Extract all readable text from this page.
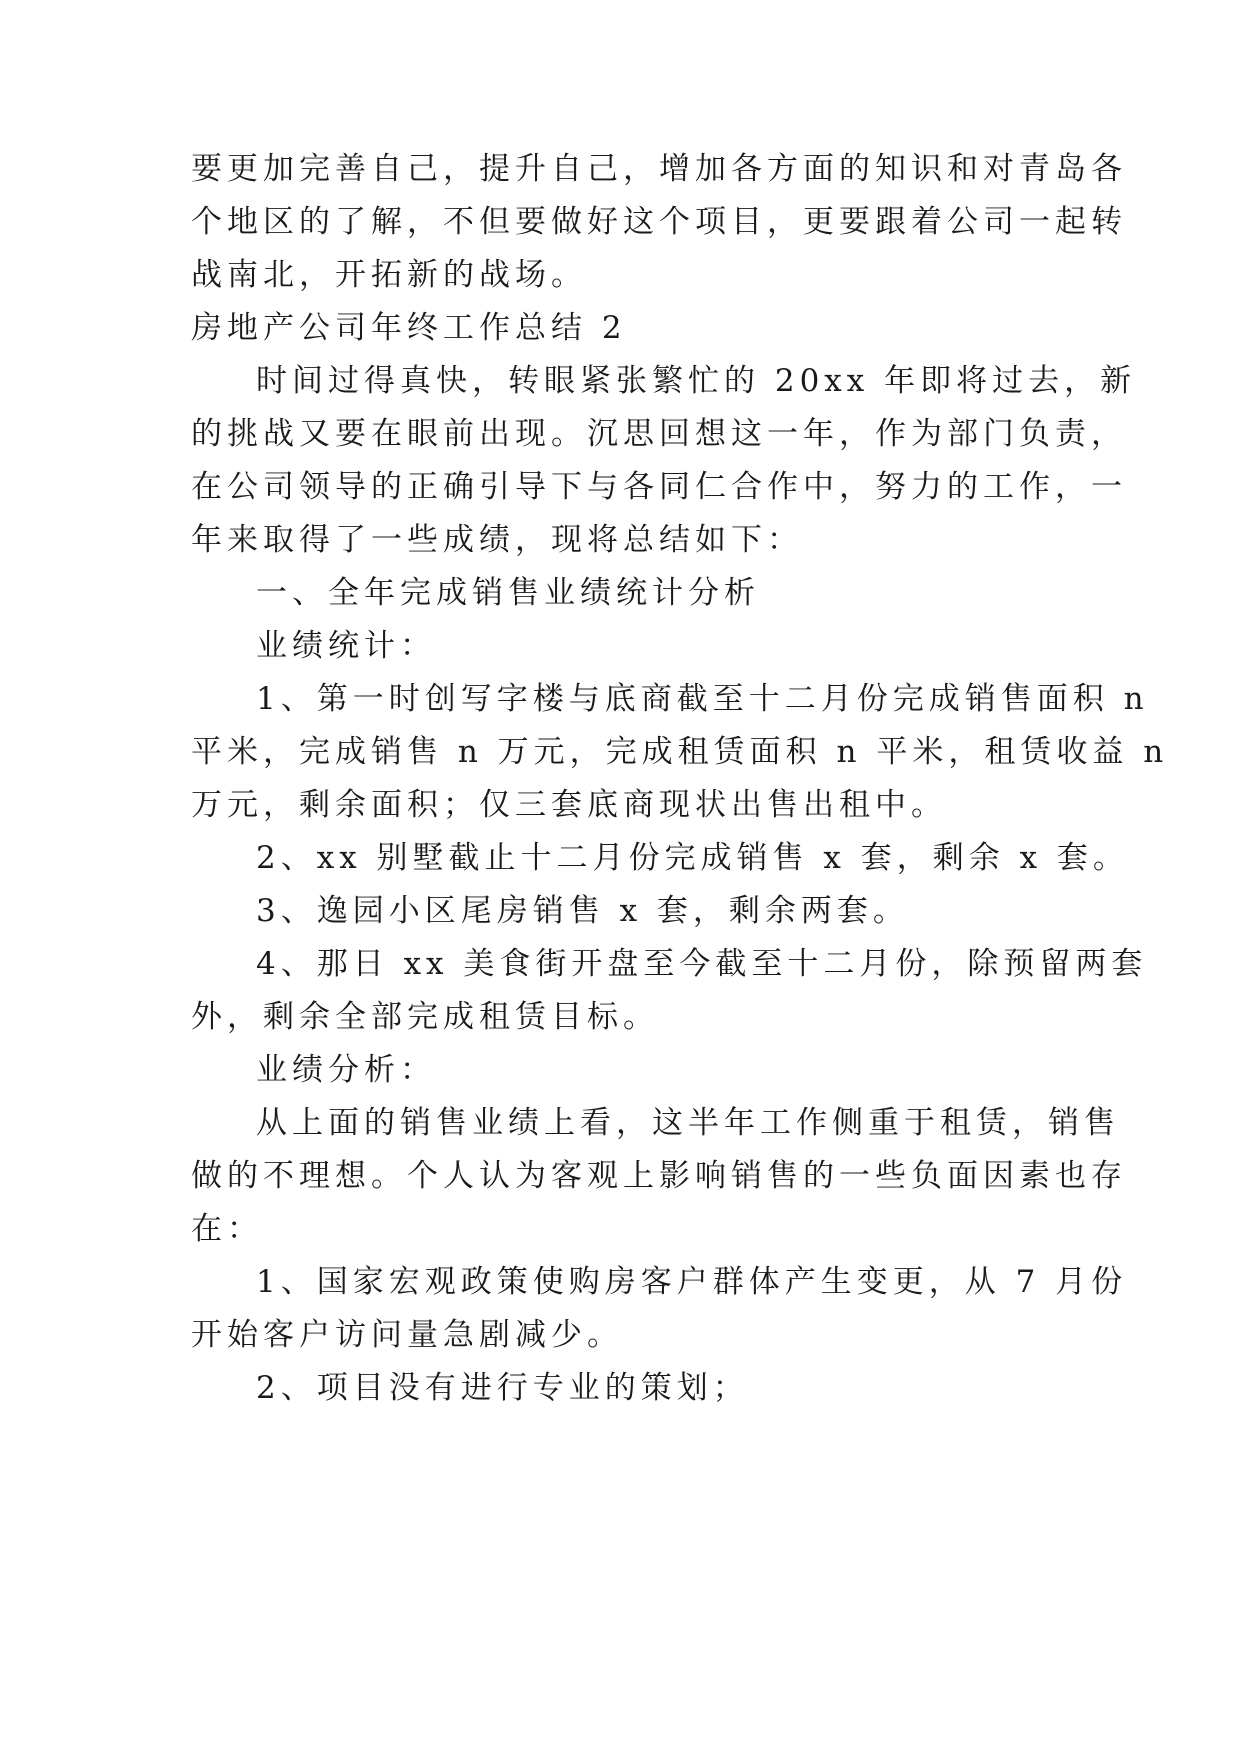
要更加完善自己，提升自己，增加各方面的知识和对青岛各
个地区的了解，不但要做好这个项目，更要跟着公司一起转
战南北，开拓新的战场。
房地产公司年终工作总结 2
时间过得真快，转眼紧张繁忙的 20xx 年即将过去，新
的挑战又要在眼前出现。沉思回想这一年，作为部门负责，
在公司领导的正确引导下与各同仁合作中，努力的工作，一
年来取得了一些成绩，现将总结如下：
一、全年完成销售业绩统计分析
业绩统计：
1、第一时创写字楼与底商截至十二月份完成销售面积 n
平米，完成销售 n 万元，完成租赁面积 n 平米，租赁收益 n
万元，剩余面积；仅三套底商现状出售出租中。
2、xx 别墅截止十二月份完成销售 x 套，剩余 x 套。
3、逸园小区尾房销售 x 套，剩余两套。
4、那日 xx 美食街开盘至今截至十二月份，除预留两套
外，剩余全部完成租赁目标。
业绩分析：
从上面的销售业绩上看，这半年工作侧重于租赁，销售
做的不理想。个人认为客观上影响销售的一些负面因素也存
在：
1、国家宏观政策使购房客户群体产生变更，从 7 月份
开始客户访问量急剧减少。
2、项目没有进行专业的策划；
